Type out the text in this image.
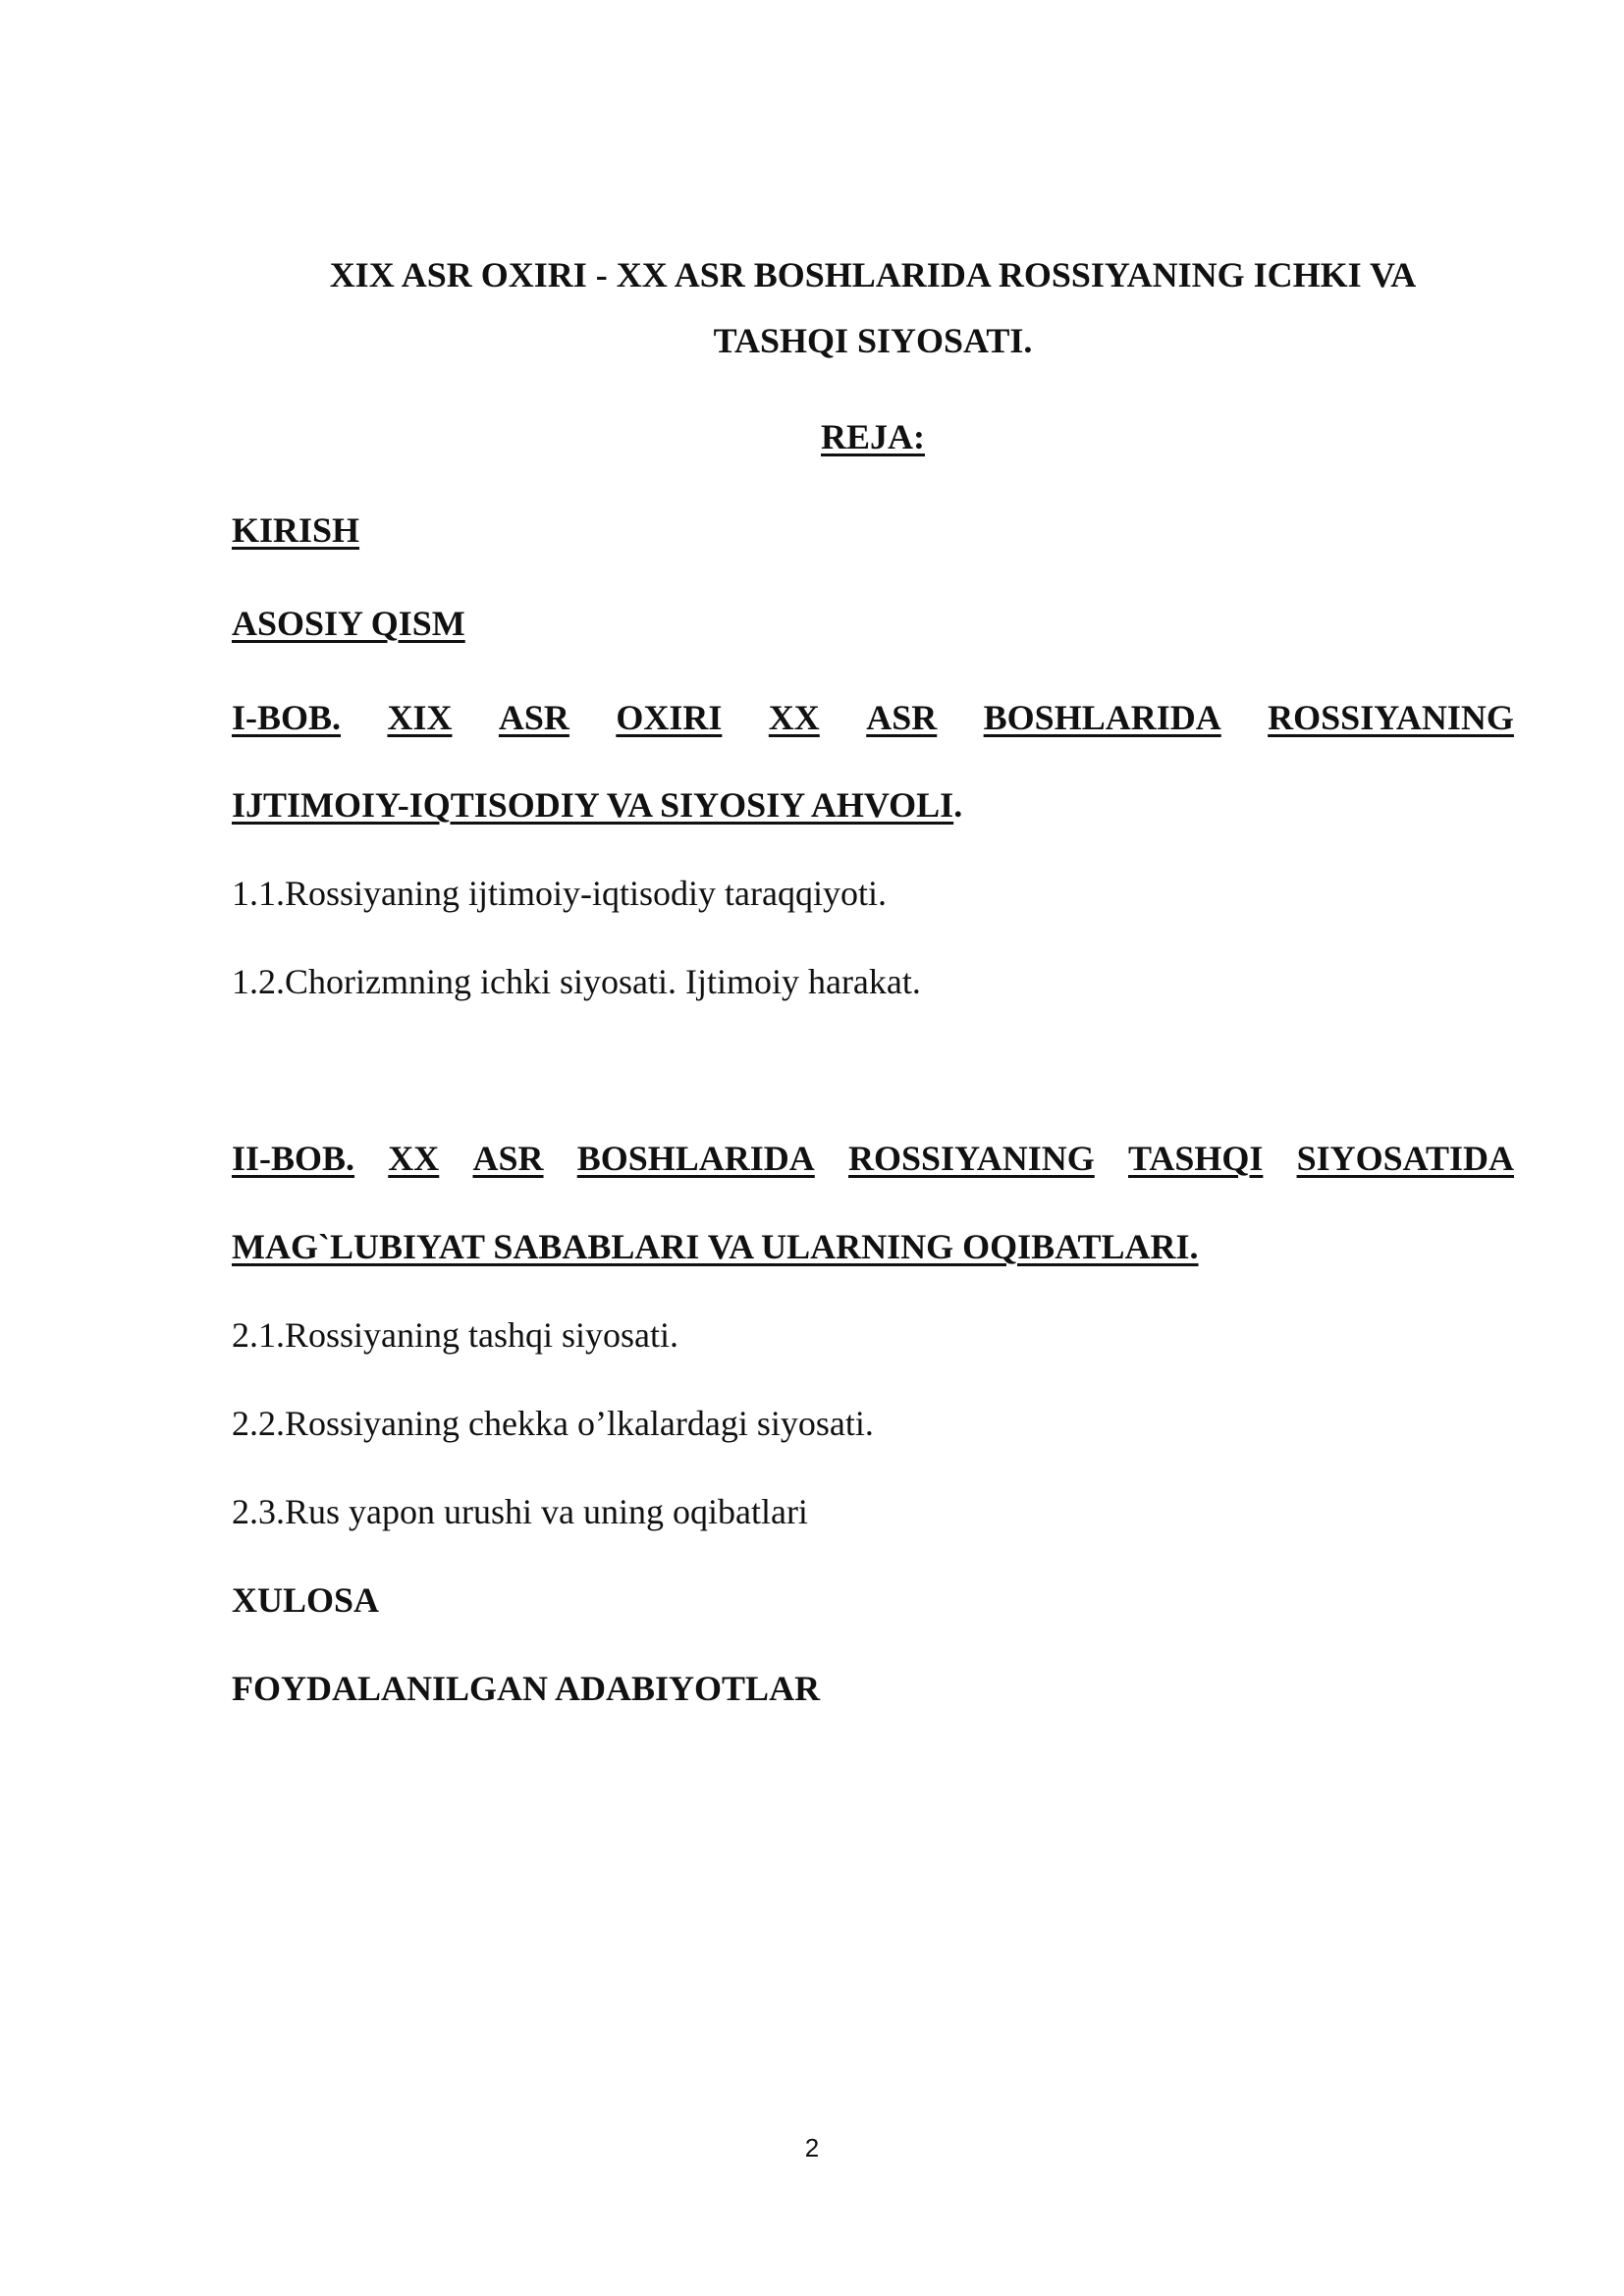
XIX ASR OXIRI - XX ASR BOSHLARIDA ROSSIYANING ICHKI VA

TASHQI SIYOSATI.

REJA:

KIRISH

ASOSIY QISM

I-BOB. XIX ASR OXIRI XX ASR BOSHLARIDA ROSSIYANING

IJTIMOIY-IQTISODIY VA SIYOSIY AHVOLI.

1.1.Rossiyaning ijtimoiy-iqtisodiy taraqqiyoti.

1.2.Chorizmning ichki siyosati. Ijtimoiy harakat.

II-BOB. XX ASR BOSHLARIDA ROSSIYANING TASHQI SIYOSATIDA

MAG`LUBIYAT SABABLARI VA ULARNING OQIBATLARI.

2.1.Rossiyaning tashqi siyosati.

2.2.Rossiyaning chekka o’lkalardagi siyosati.

2.3.Rus yapon urushi va uning oqibatlari

XULOSA

FOYDALANILGAN ADABIYOTLAR

2
